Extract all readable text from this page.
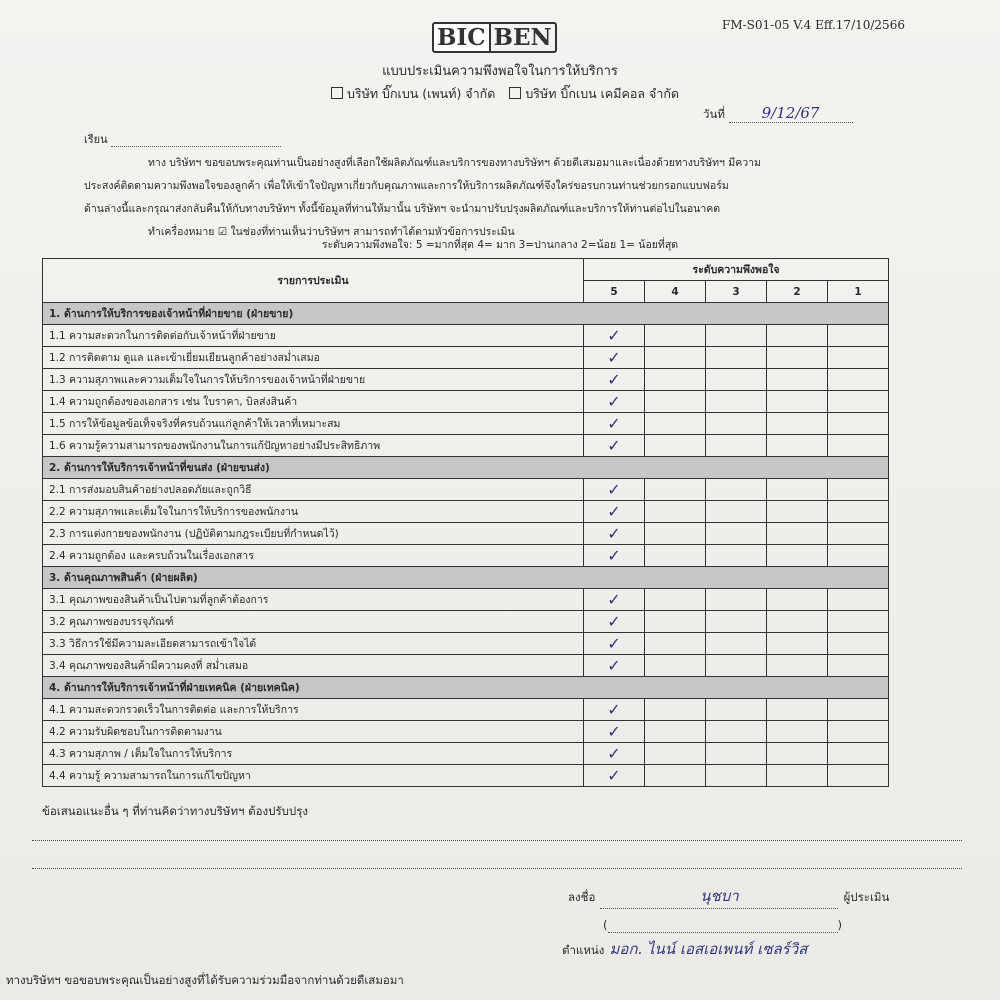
BIC BEN	FM-S01-05 V.4 Eff.17/10/2566
แบบประเมินความพึงพอใจในการให้บริการ
บริษัท บิ๊กเบน (เพนท์) จำกัด บริษัท บิ๊กเบน เคมีคอล จำกัด
วันที่ 9/12/67
เรียน

ทาง บริษัทฯ ขอขอบพระคุณท่านเป็นอย่างสูงที่เลือกใช้ผลิตภัณฑ์และบริการของทางบริษัทฯ ด้วยดีเสมอมาและเนื่องด้วยทางบริษัทฯ มีความ

ประสงค์ติดตามความพึงพอใจของลูกค้า เพื่อให้เข้าใจปัญหาเกี่ยวกับคุณภาพและการให้บริการผลิตภัณฑ์จึงใคร่ขอรบกวนท่านช่วยกรอกแบบฟอร์ม

ด้านล่างนี้และกรุณาส่งกลับคืนให้กับทางบริษัทฯ ทั้งนี้ข้อมูลที่ท่านให้มานั้น บริษัทฯ จะนำมาปรับปรุงผลิตภัณฑ์และบริการให้ท่านต่อไปในอนาคต

ทำเครื่องหมาย ☑ ในช่องที่ท่านเห็นว่าบริษัทฯ สามารถทำได้ตามหัวข้อการประเมิน

ระดับความพึงพอใจ: 5 =มากที่สุด 4= มาก 3=ปานกลาง 2=น้อย 1= น้อยที่สุด
รายการประเมิน	ระดับความพึงพอใจ				
	5	4	3	2	1
1. ด้านการให้บริการของเจ้าหน้าที่ฝ่ายขาย (ฝ่ายขาย)					
1.1 ความสะดวกในการติดต่อกับเจ้าหน้าที่ฝ่ายขาย	✓				
1.2 การติดตาม ดูแล และเข้าเยี่ยมเยียนลูกค้าอย่างสม่ำเสมอ	✓				
1.3 ความสุภาพและความเต็มใจในการให้บริการของเจ้าหน้าที่ฝ่ายขาย	✓				
1.4 ความถูกต้องของเอกสาร เช่น ใบราคา, บิลส่งสินค้า	✓				
1.5 การให้ข้อมูลข้อเท็จจริงที่ครบถ้วนแก่ลูกค้าให้เวลาที่เหมาะสม	✓				
1.6 ความรู้ความสามารถของพนักงานในการแก้ปัญหาอย่างมีประสิทธิภาพ	✓				
2. ด้านการให้บริการเจ้าหน้าที่ขนส่ง (ฝ่ายขนส่ง)					
2.1 การส่งมอบสินค้าอย่างปลอดภัยและถูกวิธี	✓				
2.2 ความสุภาพและเต็มใจในการให้บริการของพนักงาน	✓				
2.3 การแต่งกายของพนักงาน (ปฏิบัติตามกฎระเบียบที่กำหนดไว้)	✓				
2.4 ความถูกต้อง และครบถ้วนในเรื่องเอกสาร	✓				
3. ด้านคุณภาพสินค้า (ฝ่ายผลิต)					
3.1 คุณภาพของสินค้าเป็นไปตามที่ลูกค้าต้องการ	✓				
3.2 คุณภาพของบรรจุภัณฑ์	✓				
3.3 วิธีการใช้มีความละเอียดสามารถเข้าใจได้	✓				
3.4 คุณภาพของสินค้ามีความคงที่ สม่ำเสมอ	✓				
4. ด้านการให้บริการเจ้าหน้าที่ฝ่ายเทคนิค (ฝ่ายเทคนิค)					
4.1 ความสะดวกรวดเร็วในการติดต่อ และการให้บริการ	✓				
4.2 ความรับผิดชอบในการติดตามงาน	✓				
4.3 ความสุภาพ / เต็มใจในการให้บริการ	✓				
4.4 ความรู้ ความสามารถในการแก้ไขปัญหา	✓				
ข้อเสนอแนะอื่น ๆ ที่ท่านคิดว่าทางบริษัทฯ ต้องปรับปรุง
ลงชื่อ	นุชบา	ผู้ประเมิน
(	)
ตำแหน่ง มอก. ไนน์ เอสเอเพนท์ เซลร์วิส
ทางบริษัทฯ ขอขอบพระคุณเป็นอย่างสูงที่ได้รับความร่วมมือจากท่านด้วยดีเสมอมา
